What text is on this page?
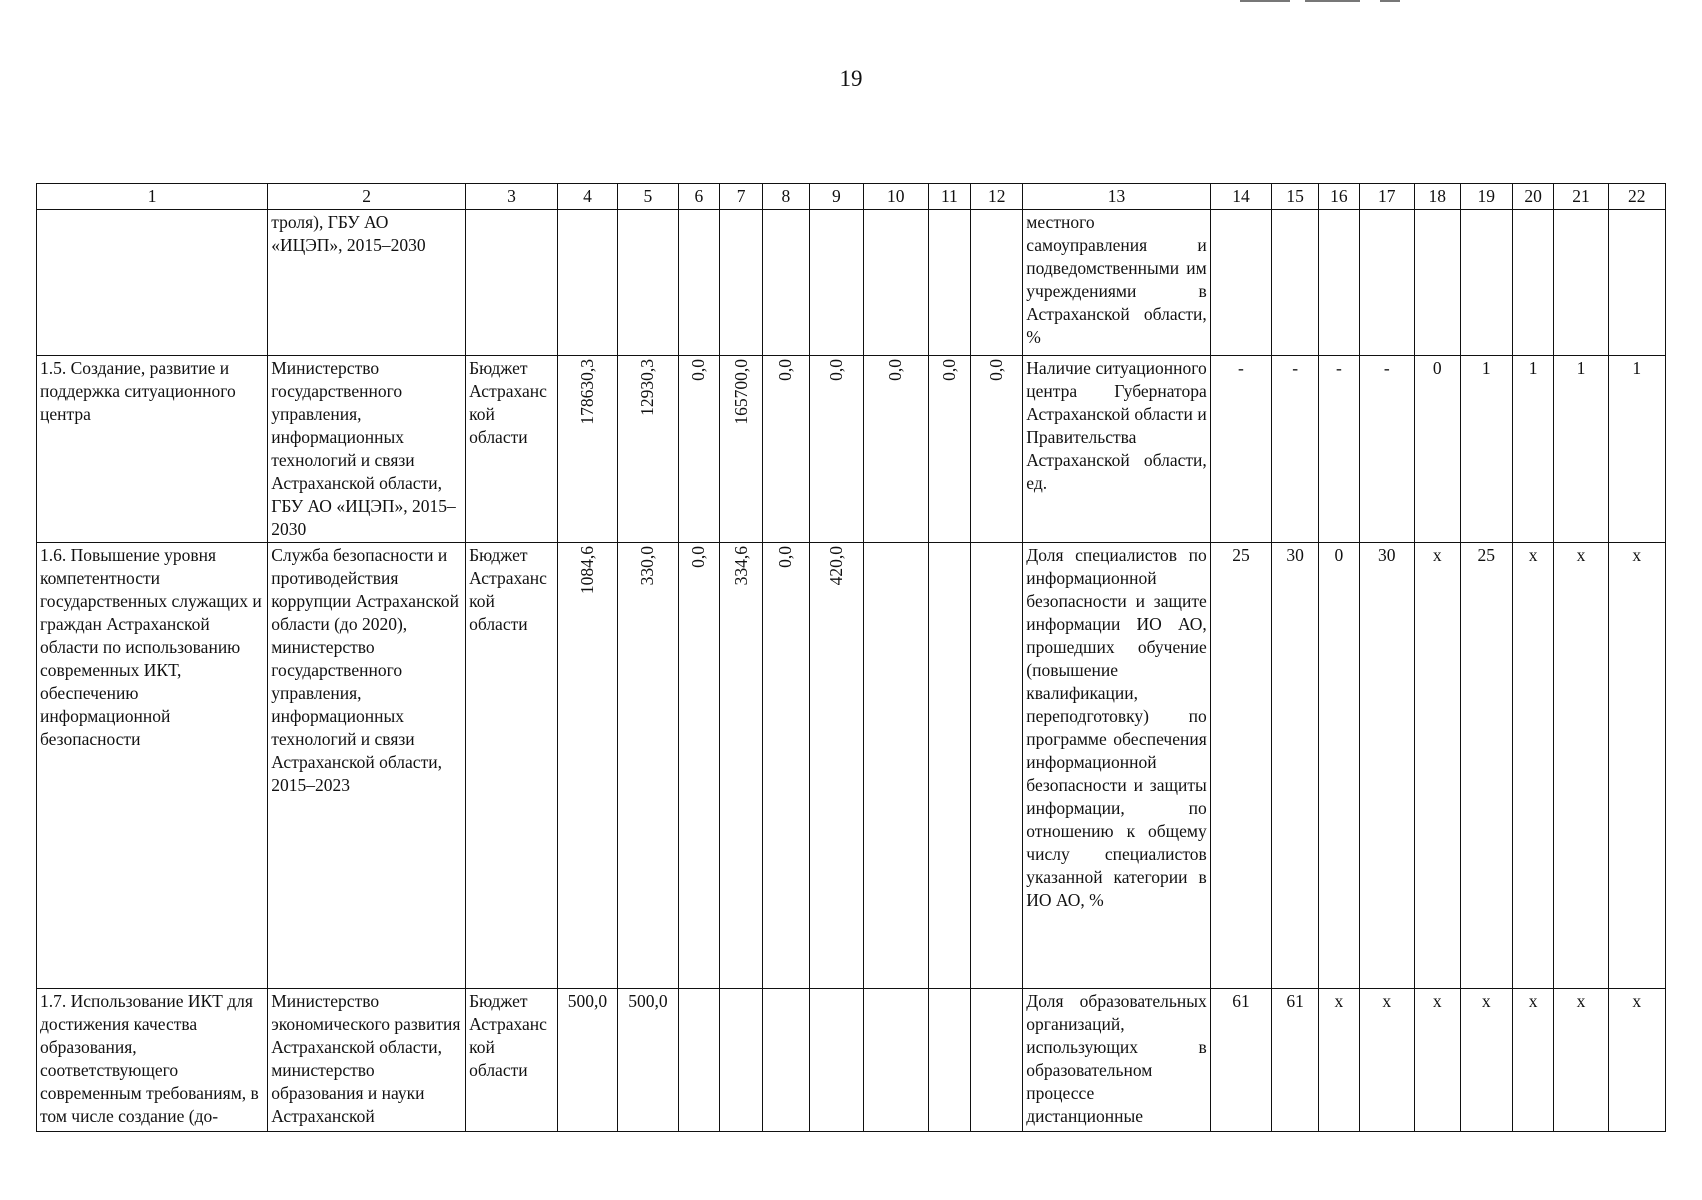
19
1	2	3	4	5	6	7	8	9	10	11	12	13	14	15	16	17	18	19	20	21	22
	троля), ГБУ АО «ИЦЭП», 2015–2030											местного самоуправления и подведомственными им учреждениями в Астраханской области, %									
1.5. Создание, развитие и поддержка ситуационного центра	Министерство государственного управления, информационных технологий и связи Астраханской области, ГБУ АО «ИЦЭП», 2015–2030	Бюджет Астраханской области	178630,3	12930,3	0,0	165700,0	0,0	0,0	0,0	0,0	0,0	Наличие ситуационного центра Губернатора Астраханской области и Правительства Астраханской области, ед.	-	-	-	-	0	1	1	1	1
1.6. Повышение уровня компетентности государственных служащих и граждан Астраханской области по использованию современных ИКТ, обеспечению информационной безопасности	Служба безопасности и противодействия коррупции Астраханской области (до 2020), министерство государственного управления, информационных технологий и связи Астраханской области, 2015–2023	Бюджет Астраханской области	1084,6	330,0	0,0	334,6	0,0	420,0				Доля специалистов по информационной безопасности и защите информации ИО АО, прошедших обучение (повышение квалификации, переподготовку) по программе обеспечения информационной безопасности и защиты информации, по отношению к общему числу специалистов указанной категории в ИО АО, %	25	30	0	30	x	25	x	x	x
1.7. Использование ИКТ для достижения качества образования, соответствующего современным требованиям, в том числе создание (до-	Министерство экономического развития Астраханской области, министерство образования и науки Астраханской	Бюджет Астраханской области	500,0	500,0								Доля образовательных организаций, использующих в образовательном процессе дистанционные	61	61	x	x	x	x	x	x	x
